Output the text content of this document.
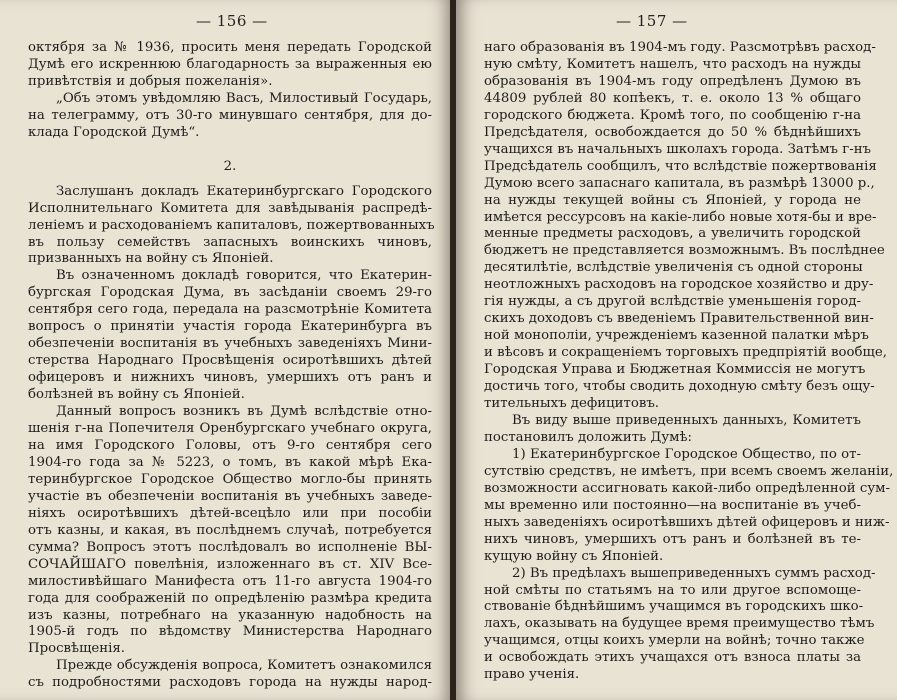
— 156 —
октября за № 1936, просить меня передать Городской
Думѣ его искреннюю благодарность за выраженныя ею
привѣтствія и добрыя пожеланія».
„Объ этомъ увѣдомляю Васъ, Милостивый Государь,
на телеграмму, отъ 30-го минувшаго сентября, для до-
клада Городской Думѣ“.
2.
Заслушанъ докладъ Екатеринбургскаго Городского
Исполнительнаго Комитета для завѣдыванія распредѣ-
леніемъ и расходованіемъ капиталовъ, пожертвованныхъ
въ пользу семействъ запасныхъ воинскихъ чиновъ,
призванныхъ на войну съ Японіей.
Въ означенномъ докладѣ говорится, что Екатерин-
бургская Городская Дума, въ засѣданіи своемъ 29-го
сентября сего года, передала на разсмотрѣніе Комитета
вопросъ о принятіи участія города Екатеринбурга въ
обезпеченіи воспитанія въ учебныхъ заведеніяхъ Мини-
стерства Народнаго Просвѣщенія осиротѣвшихъ дѣтей
офицеровъ и нижнихъ чиновъ, умершихъ отъ ранъ и
болѣзней въ войну съ Японіей.
Данный вопросъ возникъ въ Думѣ вслѣдствіе отно-
шенія г-на Попечителя Оренбургскаго учебнаго округа,
на имя Городского Головы, отъ 9-го сентября сего
1904-го года за № 5223, о томъ, въ какой мѣрѣ Ека-
теринбургское Городское Общество могло-бы принять
участіе въ обезпеченіи воспитанія въ учебныхъ заведе-
ніяхъ осиротѣвшихъ дѣтей-всецѣло или при пособіи
отъ казны, и какая, въ послѣднемъ случаѣ, потребуется
сумма? Вопросъ этотъ послѣдовалъ во исполненіе ВЫ-
СОЧАЙШАГО повелѣнія, изложеннаго въ ст. XIV Все-
милостивѣйшаго Манифеста отъ 11-го августа 1904-го
года для соображеній по опредѣленію размѣра кредита
изъ казны, потребнаго на указанную надобность на
1905-й годъ по вѣдомству Министерства Народнаго
Просвѣщенія.
Прежде обсужденія вопроса, Комитетъ ознакомился
съ подробностями расходовъ города на нужды народ-
— 157 —
наго образованія въ 1904-мъ году. Разсмотрѣвъ расход-
ную смѣту, Комитетъ нашелъ, что расходъ на нужды
образованія въ 1904-мъ году опредѣленъ Думою въ
44809 рублей 80 копѣекъ, т. е. около 13 % общаго
городского бюджета. Кромѣ того, по сообщенію г-на
Предсѣдателя, освобождается до 50 % бѣднѣйшихъ
учащихся въ начальныхъ школахъ города. Затѣмъ г-нъ
Предсѣдатель сообщилъ, что вслѣдствіе пожертвованія
Думою всего запаснаго капитала, въ размѣрѣ 13000 р.,
на нужды текущей войны съ Японіей, у города не
имѣется рессурсовъ на какіе-либо новые хотя-бы и вре-
менные предметы расходовъ, а увеличить городской
бюджетъ не представляется возможнымъ. Въ послѣднее
десятилѣтіе, вслѣдствіе увеличенія съ одной стороны
неотложныхъ расходовъ на городское хозяйство и дру-
гія нужды, а съ другой вслѣдствіе уменьшенія город-
скихъ доходовъ съ введеніемъ Правительственной вин-
ной монополіи, учрежденіемъ казенной палатки мѣръ
и вѣсовъ и сокращеніемъ торговыхъ предпріятій вообще,
Городская Управа и Бюджетная Коммиссія не могутъ
достичь того, чтобы сводить доходную смѣту безъ ощу-
тительныхъ дефицитовъ.
Въ виду выше приведенныхъ данныхъ, Комитетъ
постановилъ доложить Думѣ:
1) Екатеринбургское Городское Общество, по от-
сутствію средствъ, не имѣетъ, при всемъ своемъ желаніи,
возможности ассигновать какой-либо опредѣленной сум-
мы временно или постоянно—на воспитаніе въ учеб-
ныхъ заведеніяхъ осиротѣвшихъ дѣтей офицеровъ и ниж-
нихъ чиновъ, умершихъ отъ ранъ и болѣзней въ те-
кущую войну съ Японіей.
2) Въ предѣлахъ вышеприведенныхъ суммъ расход-
ной смѣты по статьямъ на то или другое вспомоще-
ствованіе бѣднѣйшимъ учащимся въ городскихъ шко-
лахъ, оказывать на будущее время преимущество тѣмъ
учащимся, отцы коихъ умерли на войнѣ; точно также
и освобождать этихъ учащахся отъ взноса платы за
право ученія.
